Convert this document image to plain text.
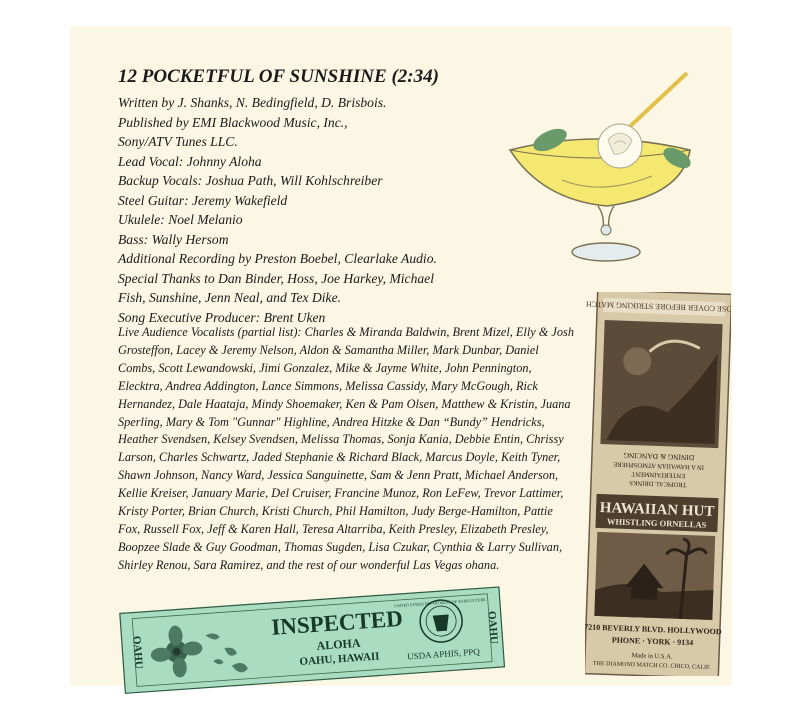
12 POCKETFUL OF SUNSHINE (2:34)
Written by J. Shanks, N. Bedingfield, D. Brisbois.
Published by EMI Blackwood Music, Inc.,
Sony/ATV Tunes LLC.
Lead Vocal: Johnny Aloha
Backup Vocals: Joshua Path, Will Kohlschreiber
Steel Guitar: Jeremy Wakefield
Ukulele: Noel Melanio
Bass: Wally Hersom
Additional Recording by Preston Boebel, Clearlake Audio.
Special Thanks to Dan Binder, Hoss, Joe Harkey, Michael
Fish, Sunshine, Jenn Neal, and Tex Dike.
Song Executive Producer: Brent Uken

Live Audience Vocalists (partial list): Charles & Miranda Baldwin, Brent Mizel, Elly & Josh Grosteffon, Lacey & Jeremy Nelson, Aldon & Samantha Miller, Mark Dunbar, Daniel Combs, Scott Lewandowski, Jimi Gonzalez, Mike & Jayme White, John Pennington, Elecktra, Andrea Addington, Lance Simmons, Melissa Cassidy, Mary McGough, Rick Hernandez, Dale Haataja, Mindy Shoemaker, Ken & Pam Olsen, Matthew & Kristin, Juana Sperling, Mary & Tom "Gunnar" Highline, Andrea Hitzke & Dan “Bundy” Hendricks, Heather Svendsen, Kelsey Svendsen, Melissa Thomas, Sonja Kania, Debbie Entin, Chrissy Larson, Charles Schwartz, Jaded Stephanie & Richard Black, Marcus Doyle, Keith Tyner, Shawn Johnson, Nancy Ward, Jessica Sanguinette, Sam & Jenn Pratt, Michael Anderson, Kellie Kreiser, January Marie, Del Cruiser, Francine Munoz, Ron LeFew, Trevor Lattimer, Kristy Porter, Brian Church, Kristi Church, Phil Hamilton, Judy Berge-Hamilton, Pattie Fox, Russell Fox, Jeff & Karen Hall, Teresa Altarriba, Keith Presley, Elizabeth Presley, Boopzee Slade & Guy Goodman, Thomas Sugden, Lisa Czukar, Cynthia & Larry Sullivan, Shirley Renou, Sara Ramirez, and the rest of our wonderful Las Vegas ohana.

CLOSE COVER BEFORE STRIKING MATCH
DINING & DANCING
IN A HAWAIIAN ATMOSPHERE
ENTERTAINMENT
TROPICAL DRINKS
HAWAIIAN HUT
WHISTLING ORNELLAS
7210 BEVERLY BLVD. HOLLYWOOD
PHONE · YORK · 9134
Made in U.S.A.
THE DIAMOND MATCH CO. CHICO, CALIF.
OAHU
OAHU
INSPECTED
ALOHA
OAHU, HAWAII
UNITED STATES DEPARTMENT OF AGRICULTURE
USDA APHIS, PPQ
